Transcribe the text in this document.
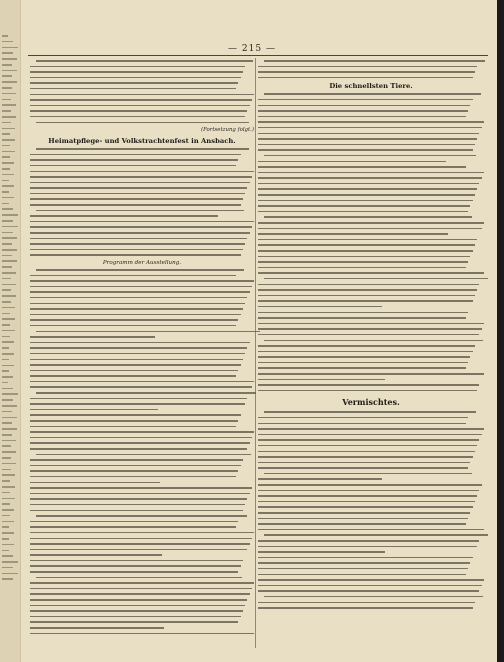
— 215 —
(Fortsetzung folgt.)
Heimatpflege- und Volkstrachtenfest in Ansbach.
Programm der Ausstellung.
Die schnellsten Tiere.
Vermischtes.
